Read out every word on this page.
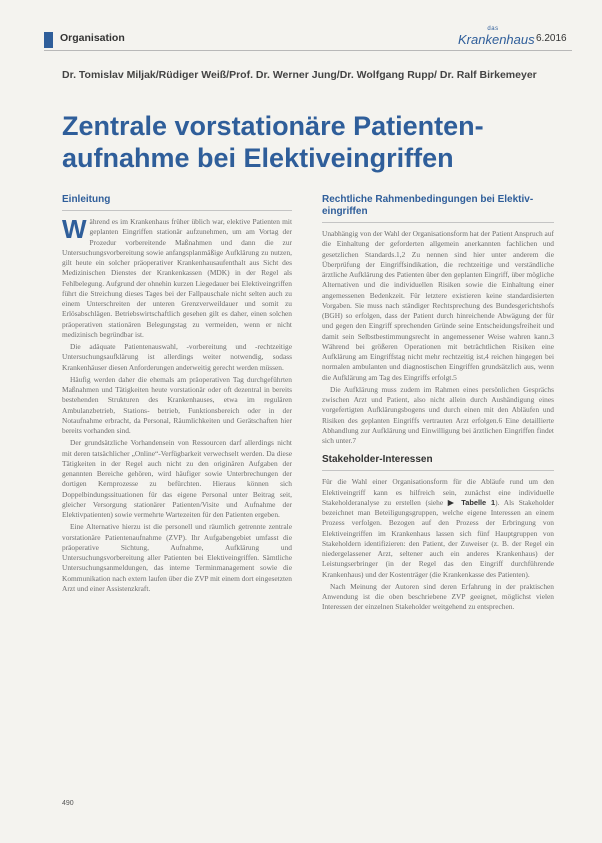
Organisation
das
Krankenhaus 6.2016
Dr. Tomislav Miljak/Rüdiger Weiß/Prof. Dr. Werner Jung/Dr. Wolfgang Rupp/ Dr. Ralf Birkemeyer
Zentrale vorstationäre Patienten-aufnahme bei Elektiveingriffen
Einleitung

Während es im Krankenhaus früher üblich war, elektive Patienten mit geplanten Eingriffen stationär aufzunehmen, um am Vortag der Prozedur vorbereitende Maßnahmen und dann die zur Untersuchungsvorbereitung sowie anfangsplanmäßige Aufklärung zu nutzen, gilt heute ein solcher präoperativer Krankenhausaufenthalt aus Sicht des Medizinischen Dienstes der Krankenkassen (MDK) in der Regel als Fehlbelegung. Aufgrund der ohnehin kurzen Liegedauer bei Elektiveingriffen führt die Streichung dieses Tages bei der Fallpauschale nicht selten auch zu einem Unterschreiten der unteren Grenzverweildauer und somit zu Erlösabschlägen. Betriebswirtschaftlich gesehen gilt es daher, einen solchen präoperativen stationären Belegungstag zu vermeiden, wenn er nicht medizinisch begründbar ist.

Die adäquate Patientenauswahl, -vorbereitung und -rechtzeitige Untersuchungsaufklärung ist allerdings weiter notwendig, sodass Krankenhäuser diesen Anforderungen anderweitig gerecht werden müssen.

Häufig werden daher die ehemals am präoperativen Tag durchgeführten Maßnahmen und Tätigkeiten heute vorstationär oder oft dezentral in bereits bestehenden Strukturen des Krankenhauses, etwa im regulären Ambulanzbetrieb, Stations- betrieb, Funktionsbereich oder in der Notaufnahme erbracht, da Personal, Räumlichkeiten und Gerätschaften hier bereits vorhanden sind.

Der grundsätzliche Vorhandensein von Ressourcen darf allerdings nicht mit deren tatsächlicher „Online“-Verfügbarkeit verwechselt werden. Da diese Tätigkeiten in der Regel auch nicht zu den originären Aufgaben der genannten Bereiche gehören, wird häufiger sowie Unterbrechungen der dortigen Kernprozesse zu befürchten. Hieraus können sich Doppelbindungssituationen für das eigene Personal unter Beitrag seit, gleicher Versorgung stationärer Patienten/Visite und Aufnahme der Elektivpatienten) sowie vermehrte Wartezeiten für den Patienten ergeben.

Eine Alternative hierzu ist die personell und räumlich getrennte zentrale vorstationäre Patientenaufnahme (ZVP). Ihr Aufgabengebiet umfasst die präoperative Sichtung, Aufnahme, Aufklärung und Untersuchungsvorbereitung aller Patienten bei Elektiveingriffen. Sämtliche Untersuchungsanmeldungen, das interne Terminmanagement sowie die Kommunikation nach extern laufen über die ZVP mit einem dort eingesetzten Arzt und einer Assistenzkraft.

Rechtliche Rahmenbedingungen bei Elektiv-eingriffen

Unabhängig von der Wahl der Organisationsform hat der Patient Anspruch auf die Einhaltung der geforderten allgemein anerkannten fachlichen und gesetzlichen Standards.1,2 Zu nennen sind hier unter anderem die Überprüfung der Eingriffsindikation, die rechtzeitige und verständliche ärztliche Aufklärung des Patienten über den geplanten Eingriff, über mögliche Alternativen und die individuellen Risiken sowie die Einhaltung einer angemessenen Bedenkzeit. Für letztere existieren keine standardisierten Vorgaben. Sie muss nach ständiger Rechtsprechung des Bundesgerichtshofs (BGH) so erfolgen, dass der Patient durch hinreichende Abwägung der für und gegen den Eingriff sprechenden Gründe seine Entscheidungsfreiheit und damit sein Selbstbestimmungsrecht in angemessener Weise wahren kann.3 Während bei größeren Operationen mit beträchtlichen Risiken eine Aufklärung am Eingriffstag nicht mehr rechtzeitig ist,4 reichen hingegen bei normalen ambulanten und diagnostischen Eingriffen grundsätzlich aus, wenn die Aufklärung am Tag des Eingriffs erfolgt.5

Die Aufklärung muss zudem im Rahmen eines persönlichen Gesprächs zwischen Arzt und Patient, also nicht allein durch Aushändigung eines vorgefertigten Aufklärungsbogens und durch einen mit den Abläufen und Risiken des geplanten Eingriffs vertrauten Arzt erfolgen.6 Eine detaillierte Abhandlung zur Aufklärung und Einwilligung bei ärztlichen Eingriffen findet sich unter.7

Stakeholder-Interessen

Für die Wahl einer Organisationsform für die Abläufe rund um den Elektiveingriff kann es hilfreich sein, zunächst eine individuelle Stakeholderanalyse zu erstellen (siehe ▶ Tabelle 1). Als Stakeholder bezeichnet man Beteiligungsgruppen, welche eigene Interessen an einem Prozess verfolgen. Bezogen auf den Prozess der Erbringung von Elektiveingriffen im Krankenhaus lassen sich fünf Hauptgruppen von Stakeholdern identifizieren: den Patient, der Zuweiser (z. B. der Regel ein niedergelassener Arzt, seltener auch ein anderes Krankenhaus) der Leistungserbringer (in der Regel das den Eingriff durchführende Krankenhaus) und der Kostenträger (die Krankenkasse des Patienten).

Nach Meinung der Autoren sind deren Erfahrung in der praktischen Anwendung ist die oben beschriebene ZVP geeignet, möglichst vielen Interessen der einzelnen Stakeholder weitgehend zu entsprechen.

490
